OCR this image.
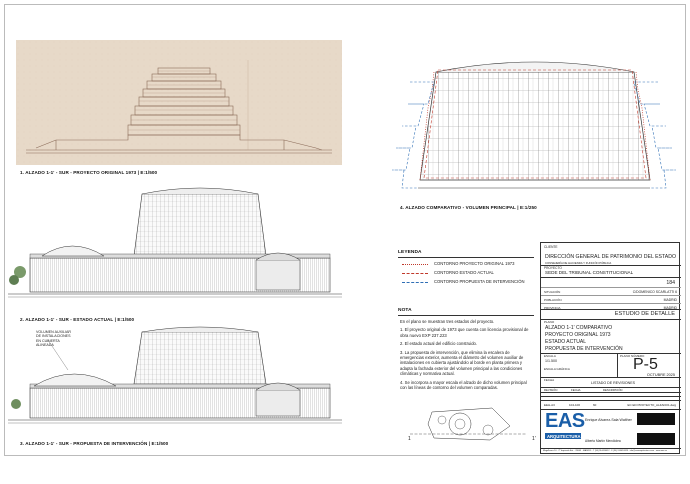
1. ALZADO 1-1' - SUR - PROYECTO ORIGINAL 1973 | E:1/500
2. ALZADO 1-1' - SUR - ESTADO ACTUAL | E:1/500
VOLUMEN AUXILIAR DE INSTALACIONES EN CUBIERTA ALINEADA
3. ALZADO 1-1' - SUR - PROPUESTA DE INTERVENCIÓN | E:1/500
4. ALZADO COMPARATIVO - VOLUMEN PRINCIPAL | E:1/250
LEYENDA
CONTORNO PROYECTO ORIGINAL 1973
CONTORNO ESTADO ACTUAL
CONTORNO PROPUESTA DE INTERVENCIÓN
NOTA

En el plano se muestran tres estados del proyecto.

1. El proyecto original de 1973 que cuenta con licencia provisional de obra nuevo EXP 237.223

2. El estado actual del edificio construido.

3. La propuesta de intervención, que elimina la escalera de emergencias exterior, aumenta el diámetro del volumen auxiliar de instalaciones en cubierta ajustándolo al borde en planta primera y adapta la fachada exterior del volumen principal a las condiciones climáticas y normativa actual.

4. Se incorpora a mayor escala el alzado de dicho volumen principal con las líneas de contorno del volumen comparadas.

1	1'
CLIENTE
DIRECCIÓN GENERAL DE PATRIMONIO DEL ESTADO
CONSEJERÍA DE HACIENDA Y FUNCIÓN PÚBLICA
PROYECTO
SEDE DEL TRIBUNAL CONSTITUCIONAL
184
SITUACIÓN	C/DOMENICO SCARLATTI 6
POBLACIÓN	MADRID
PROVINCIA	MADRID
ESTUDIO DE DETALLE
PLANO
ALZADO 1-1' COMPARATIVO
PROYECTO ORIGINAL 1973
ESTADO ACTUAL
PROPUESTA DE INTERVENCIÓN
ESCALA
1/1.500
ESCALA GRÁFICA
PLANO NÚMERO
P-5
OCTUBRE 2025
FECHA
LISTADO DE REVISIONES
REVISIÓN	FECHA	DESCRIPCIÓN
EEH-A3	104-100	60	EC ED PROYECTO_ALZADO1.dwg
EAS
ARQUITECTURA
Enrique Alvarez-Sala Walther
Alberto Martín Mendiolea
Magallanes 10 · 2º Izquierda Ext. · 28003 · MADRID · T (34) 914410012 · F (34) 914410328 · info@easarquitectura.com · www.eas.es
